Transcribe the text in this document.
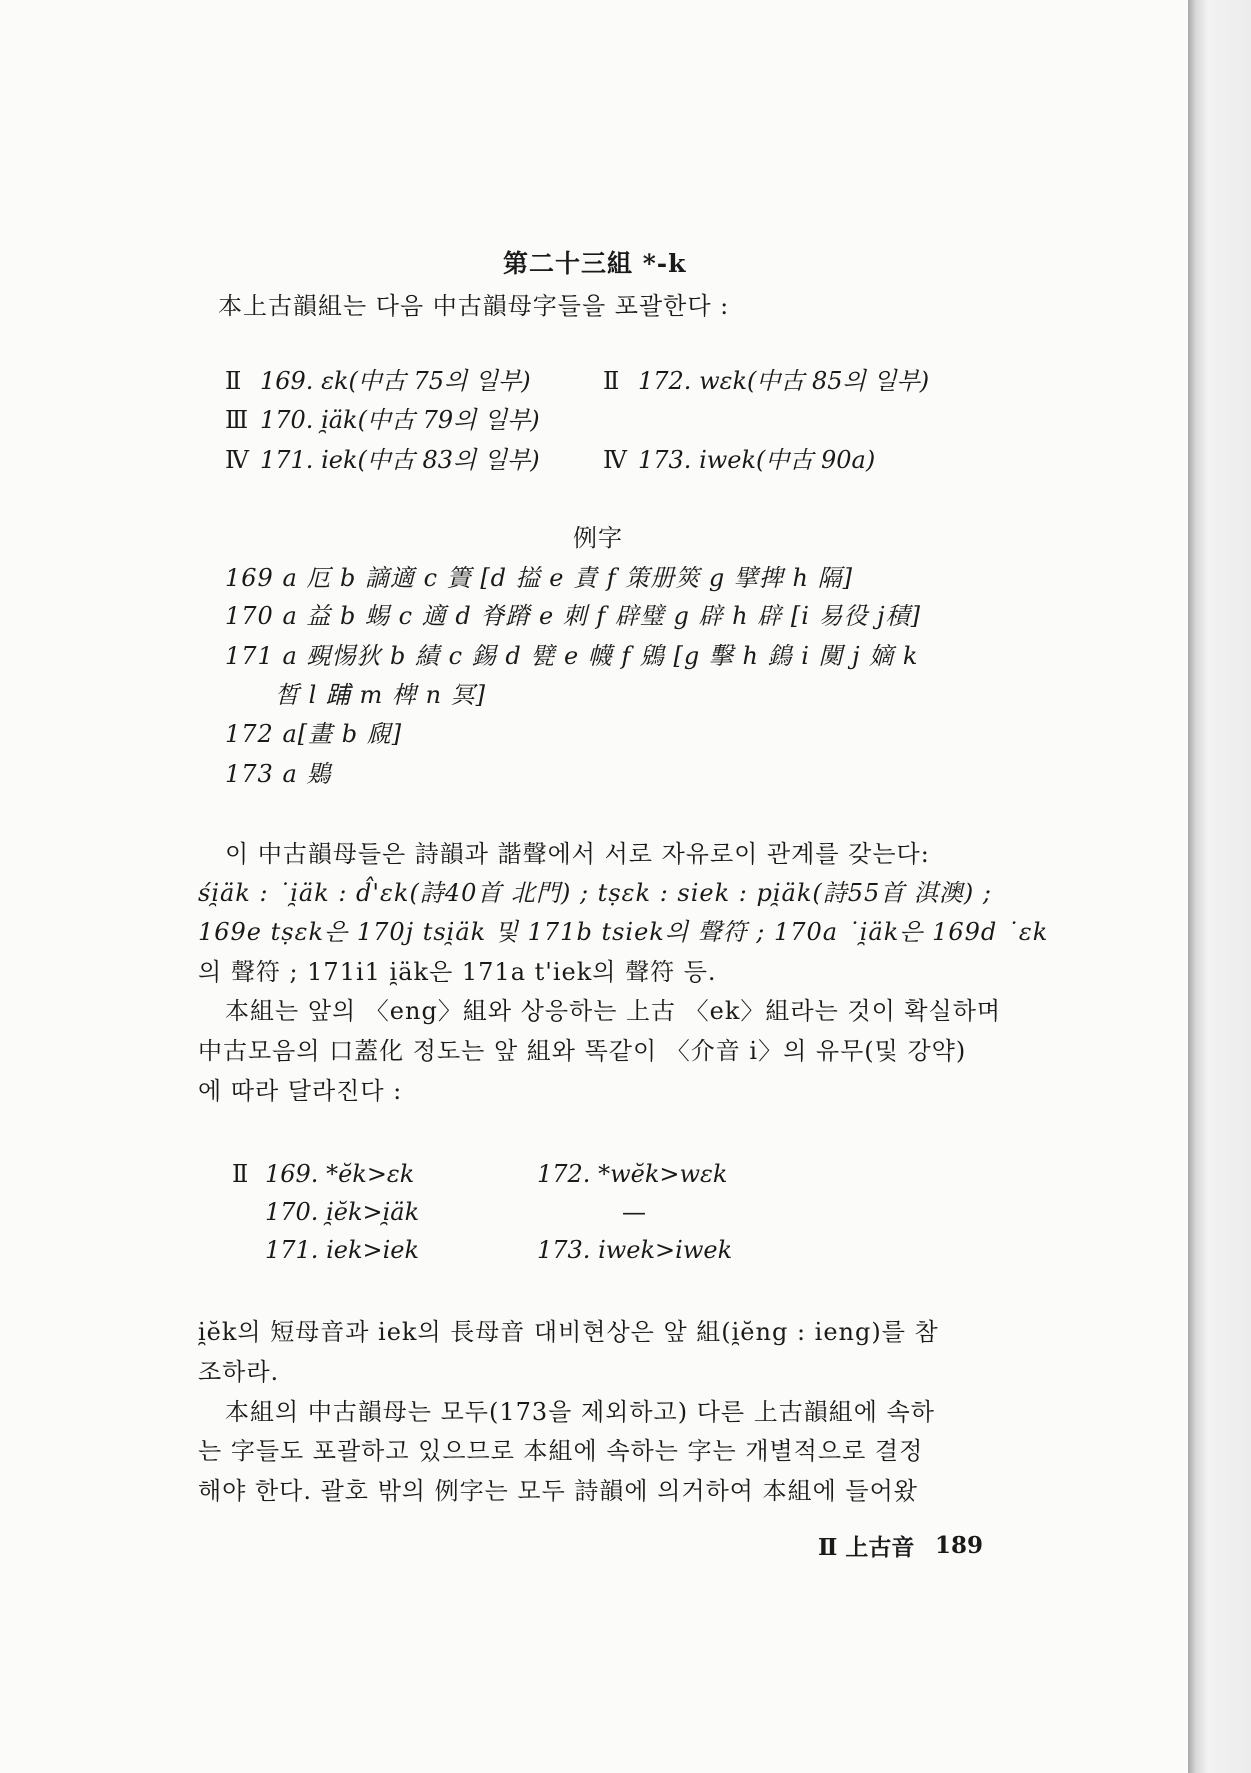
第二十三組 *-k
本上古韻組는 다음 中古韻母字들을 포괄한다 :
Ⅱ 169. ɛk(中古 75의 일부)	Ⅱ 172. wɛk(中古 85의 일부)
Ⅲ 170. i̯äk(中古 79의 일부)
Ⅳ 171. iek(中古 83의 일부)	Ⅳ 173. iwek(中古 90a)
例字
169 a 厄 b 謫適 c 簀 [d 搤 e 責 f 策册筴 g 擘捭 h 隔]
170 a 益 b 蜴 c 適 d 脊蹐 e 刺 f 辟璧 g 辟 h 辟 [i 易役 j積]
171 a 覡惕狄 b 績 c 錫 d 甓 e 幭 f 鶂 [g 擊 h 鵭 i 闃 j 嫡 k
皙 l 𨁏 m 椑 n 冥]
172 a[畫 b 覛]
173 a 鶪
이 中古韻母들은 詩韻과 諧聲에서 서로 자유로이 관계를 갖는다:
śi̯äk : ˙i̯äk : d̂'ɛk(詩40首 北門) ; tṣɛk : siek : pi̯äk(詩55首 淇澳) ;
169e tṣɛk은 170j tsi̯äk 및 171b tsiek의 聲符 ; 170a ˙i̯äk은 169d ˙ɛk
의 聲符 ; 171i1 i̯äk은 171a t'iek의 聲符 등.
本組는 앞의 〈eng〉組와 상응하는 上古 〈ek〉組라는 것이 확실하며
中古모음의 口蓋化 정도는 앞 組와 똑같이 〈介音 i〉의 유무(및 강약)
에 따라 달라진다 :
Ⅱ 169. *ĕk>ɛk	172. *wĕk>wɛk
170. i̯ĕk>i̯äk	—
171. iek>iek	173. iwek>iwek
i̯ĕk의 短母音과 iek의 長母音 대비현상은 앞 組(i̯ĕng : ieng)를 참
조하라.
本組의 中古韻母는 모두(173을 제외하고) 다른 上古韻組에 속하
는 字들도 포괄하고 있으므로 本組에 속하는 字는 개별적으로 결정
해야 한다. 괄호 밖의 例字는 모두 詩韻에 의거하여 本組에 들어왔
Ⅱ 上古音 189
